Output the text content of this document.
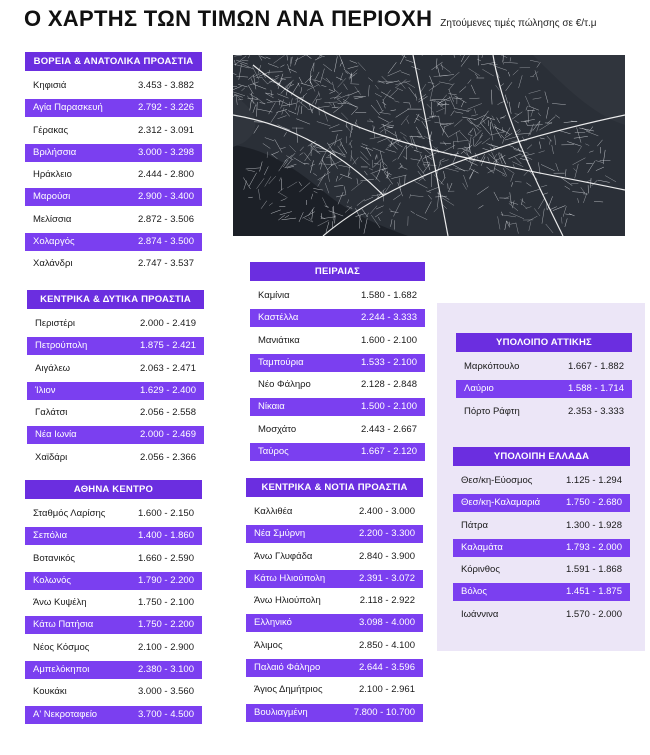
Ο ΧΑΡΤΗΣ ΤΩΝ ΤΙΜΩΝ ΑΝΑ ΠΕΡΙΟΧΗ Ζητούμενες τιμές πώλησης σε €/τ.μ
ΒΟΡΕΙΑ & ΑΝΑΤΟΛΙΚΑ ΠΡΟΑΣΤΙΑ
Κηφισιά	3.453 - 3.882
Αγία Παρασκευή	2.792 - 3.226
Γέρακας	2.312 - 3.091
Βριλήσσια	3.000 - 3.298
Ηράκλειο	2.444 - 2.800
Μαρούσι	2.900 - 3.400
Μελίσσια	2.872 - 3.506
Χολαργός	2.874 - 3.500
Χαλάνδρι	2.747 - 3.537
ΚΕΝΤΡΙΚΑ & ΔΥΤΙΚΑ ΠΡΟΑΣΤΙΑ
Περιστέρι	2.000 - 2.419
Πετρούπολη	1.875 - 2.421
Αιγάλεω	2.063 - 2.471
Ίλιον	1.629 - 2.400
Γαλάτσι	2.056 - 2.558
Νέα Ιωνία	2.000 - 2.469
Χαϊδάρι	2.056 - 2.366
ΑΘΗΝΑ ΚΕΝΤΡΟ
Σταθμός Λαρίσης	1.600 - 2.150
Σεπόλια	1.400 - 1.860
Βοτανικός	1.660 - 2.590
Κολωνός	1.790 - 2.200
Άνω Κυψέλη	1.750 - 2.100
Κάτω Πατήσια	1.750 - 2.200
Νέος Κόσμος	2.100 - 2.900
Αμπελόκηποι	2.380 - 3.100
Κουκάκι	3.000 - 3.560
Α' Νεκροταφείο	3.700 - 4.500
ΠΕΙΡΑΙΑΣ
Καμίνια	1.580 - 1.682
Καστέλλα	2.244 - 3.333
Μανιάτικα	1.600 - 2.100
Ταμπούρια	1.533 - 2.100
Νέο Φάληρο	2.128 - 2.848
Νίκαια	1.500 - 2.100
Μοσχάτο	2.443 - 2.667
Ταύρος	1.667 - 2.120
ΚΕΝΤΡΙΚΑ & ΝΟΤΙΑ ΠΡΟΑΣΤΙΑ
Καλλιθέα	2.400 - 3.000
Νέα Σμύρνη	2.200 - 3.300
Άνω Γλυφάδα	2.840 - 3.900
Κάτω Ηλιούπολη	2.391 - 3.072
Άνω Ηλιούπολη	2.118 - 2.922
Ελληνικό	3.098 - 4.000
Άλιμος	2.850 - 4.100
Παλαιό Φάληρο	2.644 - 3.596
Άγιος Δημήτριος	2.100 - 2.961
Βουλιαγμένη	7.800 - 10.700
ΥΠΟΛΟΙΠΟ ΑΤΤΙΚΗΣ
Μαρκόπουλο	1.667 - 1.882
Λαύριο	1.588 - 1.714
Πόρτο Ράφτη	2.353 - 3.333
ΥΠΟΛΟΙΠΗ ΕΛΛΑΔΑ
Θεσ/κη-Εύοσμος	1.125 - 1.294
Θεσ/κη-Καλαμαριά	1.750 - 2.680
Πάτρα	1.300 - 1.928
Καλαμάτα	1.793 - 2.000
Κόρινθος	1.591 - 1.868
Βόλος	1.451 - 1.875
Ιωάννινα	1.570 - 2.000
